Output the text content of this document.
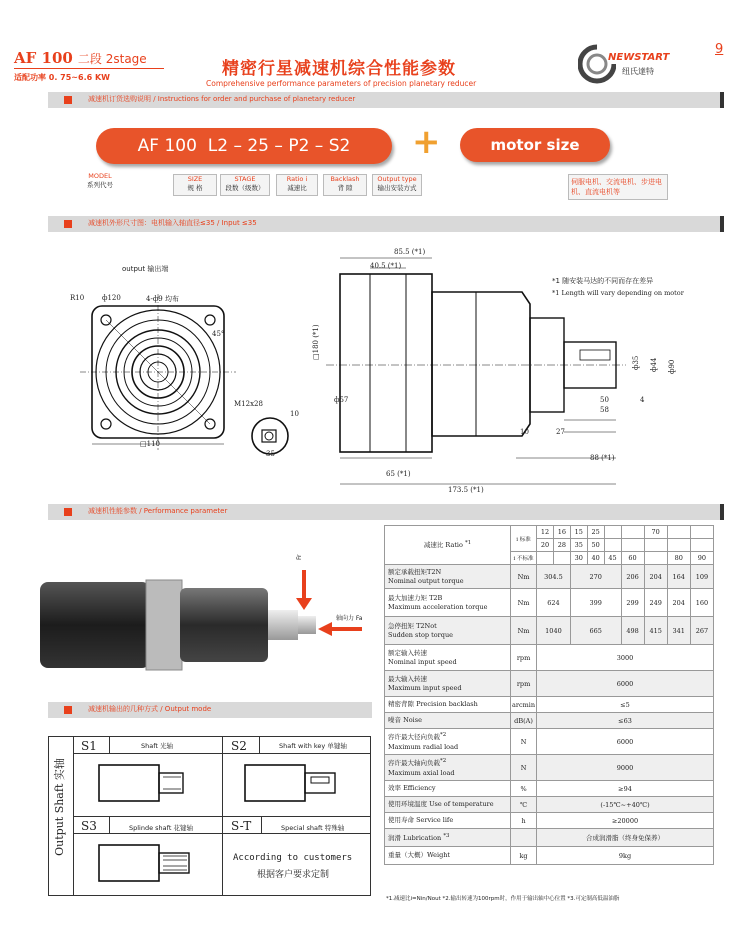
AF 100 二段 2stage
适配功率 0. 75~6.6 KW	精密行星减速机综合性能参数
Comprehensive performance parameters of precision planetary reducer
NEWSTART
纽氏達特
9
减速机订货选购说明 / Instructions for order and purchase of planetary reducer
AF 100 L2 – 25 – P2 – S2	+	motor size
MODEL
系列代号
SIZE
规 格
STAGE
段数（级数）
Ratio i
减速比
Backlash
背 隙
Output type
输出安装方式
伺服电机、交流电机、步进电机、直流电机等
减速机外形尺寸图：电机输入轴直径≤35 / Input ≤35
output 输出端
R10	ф120	4-ф9 均布
45°
□110
M12x28
10
35
85.5 (*1)
40.5 (*1)
□180 (*1)
ф57
65 (*1)
173.5 (*1)
88 (*1)
10	27
50
58
4
ф35 ф44 ф90
*1 随安装马达的不同而存在差异
*1 Length will vary depending on motor
减速机性能参数 / Performance parameter
Fr
轴向力 Fa
减速比 Ratio $^{*1}$	i 标准	12	16	15	25			70		
		20	28	35	50					
	i 不标准			30	40	45	60		80	90

额定承载扭矩T2N
Nominal output torque	Nm	304.5		270			206	204	164	109

最大加速力矩 T2B
Maximum acceleration torque	Nm	624		399			299	249	204	160

急停扭矩 T2Not
Sudden stop torque	Nm	1040		665			498	415	341	267

额定输入转速
Nominal input speed	rpm	3000								

最大输入转速
Maximum input speed	rpm	6000								
精密背隙 Precision backlash	arcmin	≤5								
噪音 Noise	dB(A)	≤63								

容许最大径向负载$^{*2}$
Maximum radial load	N	6000								

容许最大轴向负载$^{*2}$
Maximum axial load	N	9000								
效率 Efficiency	%	≥94								
使用环境温度 Use of temperature	℃	(-15℃~+40℃)								
使用寿命 Service life	h	≥20000								
润滑 Lubrication $^{*3}$		合成润滑脂（终身免保养）								
重量（大概）Weight	kg	9kg								
*1.减速比i=Nin/Nout *2.输出转速为100rpm时，作用于输出轴中心位置 *3.可定制高低温油脂
减速机输出的几种方式 / Output mode
Output Shaft 实轴
S1	Shaft 光轴	S2	Shaft with key 单键轴
S3	Splinde shaft 花键轴	S-T	Special shaft 特殊轴
According to customers
根据客户要求定制
